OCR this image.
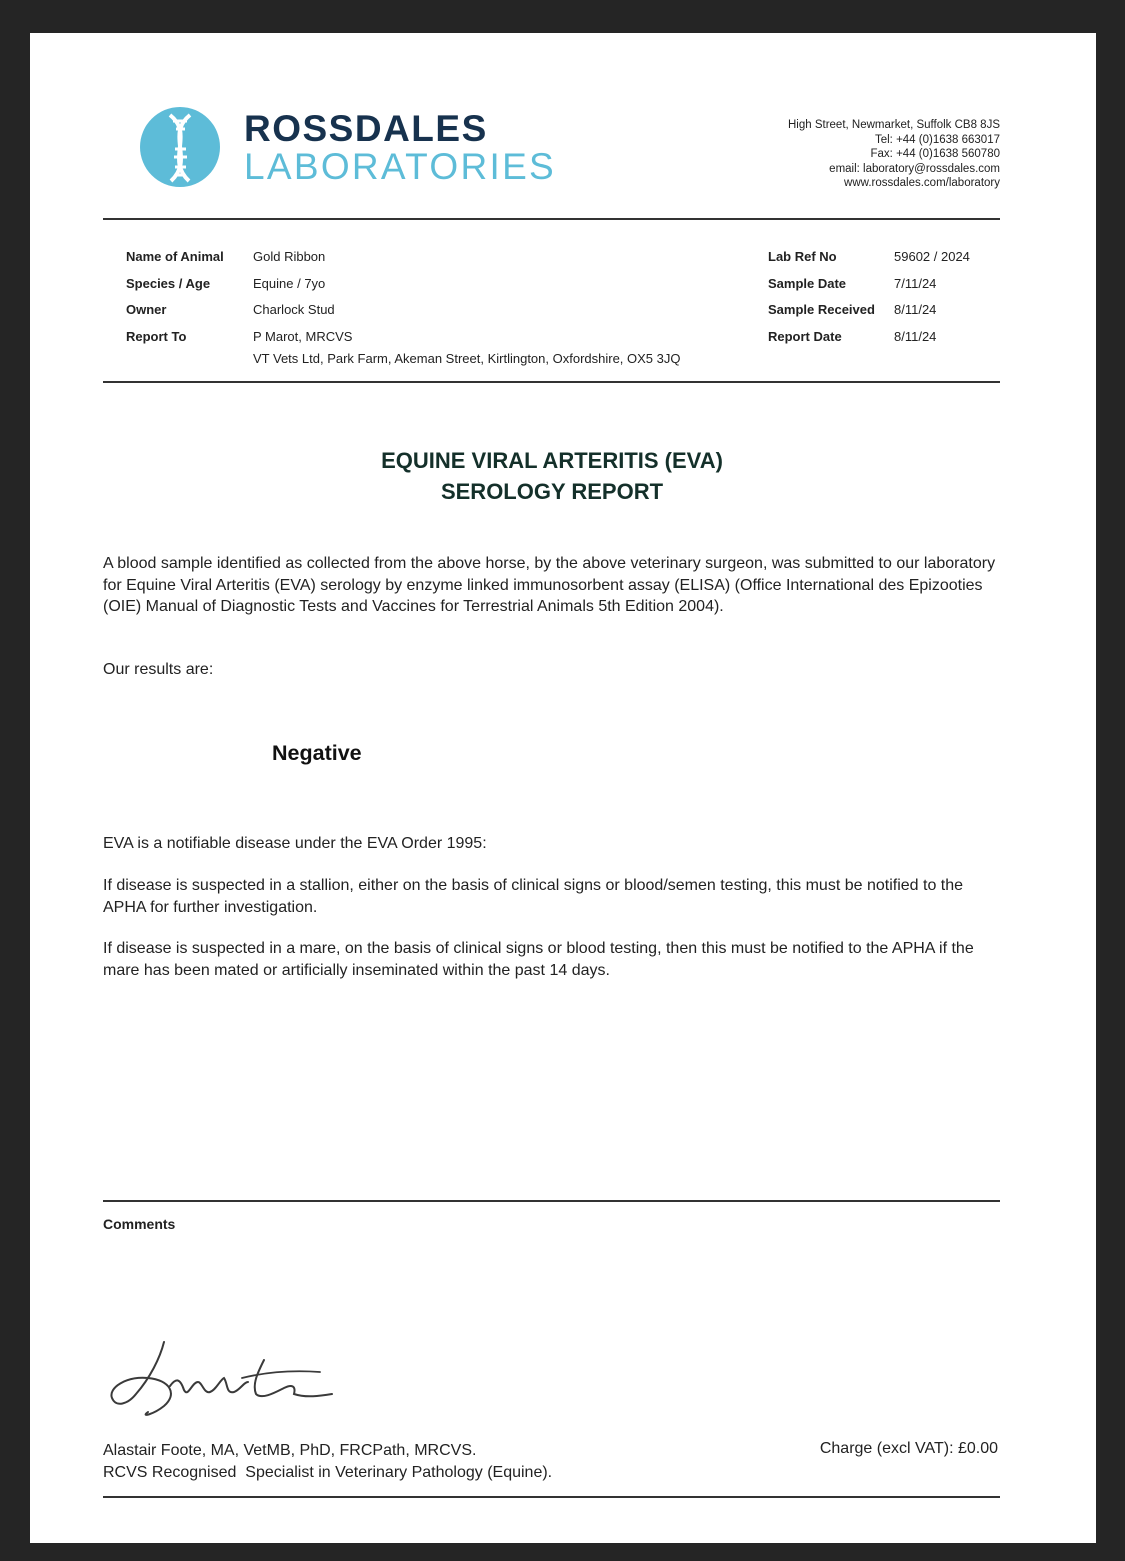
ROSSDALES
LABORATORIES
High Street, Newmarket, Suffolk CB8 8JS
Tel: +44 (0)1638 663017
Fax: +44 (0)1638 560780
email: laboratory@rossdales.com
www.rossdales.com/laboratory
Name of Animal
Species / Age
Owner
Report To
Gold Ribbon
Equine / 7yo
Charlock Stud
P Marot, MRCVS
VT Vets Ltd, Park Farm, Akeman Street, Kirtlington, Oxfordshire, OX5 3JQ
Lab Ref No
Sample Date
Sample Received
Report Date
59602 / 2024
7/11/24
8/11/24
8/11/24
EQUINE VIRAL ARTERITIS (EVA)
SEROLOGY REPORT
A blood sample identified as collected from the above horse, by the above veterinary surgeon, was submitted to our laboratory for Equine Viral Arteritis (EVA) serology by enzyme linked immunosorbent assay (ELISA) (Office International des Epizooties (OIE) Manual of Diagnostic Tests and Vaccines for Terrestrial Animals 5th Edition 2004).
Our results are:
Negative
EVA is a notifiable disease under the EVA Order 1995:
If disease is suspected in a stallion, either on the basis of clinical signs or blood/semen testing, this must be notified to the APHA for further investigation.
If disease is suspected in a mare, on the basis of clinical signs or blood testing, then this must be notified to the APHA if the mare has been mated or artificially inseminated within the past 14 days.
Comments
Alastair Foote, MA, VetMB, PhD, FRCPath, MRCVS.
RCVS Recognised  Specialist in Veterinary Pathology (Equine).
Charge (excl VAT): £0.00
